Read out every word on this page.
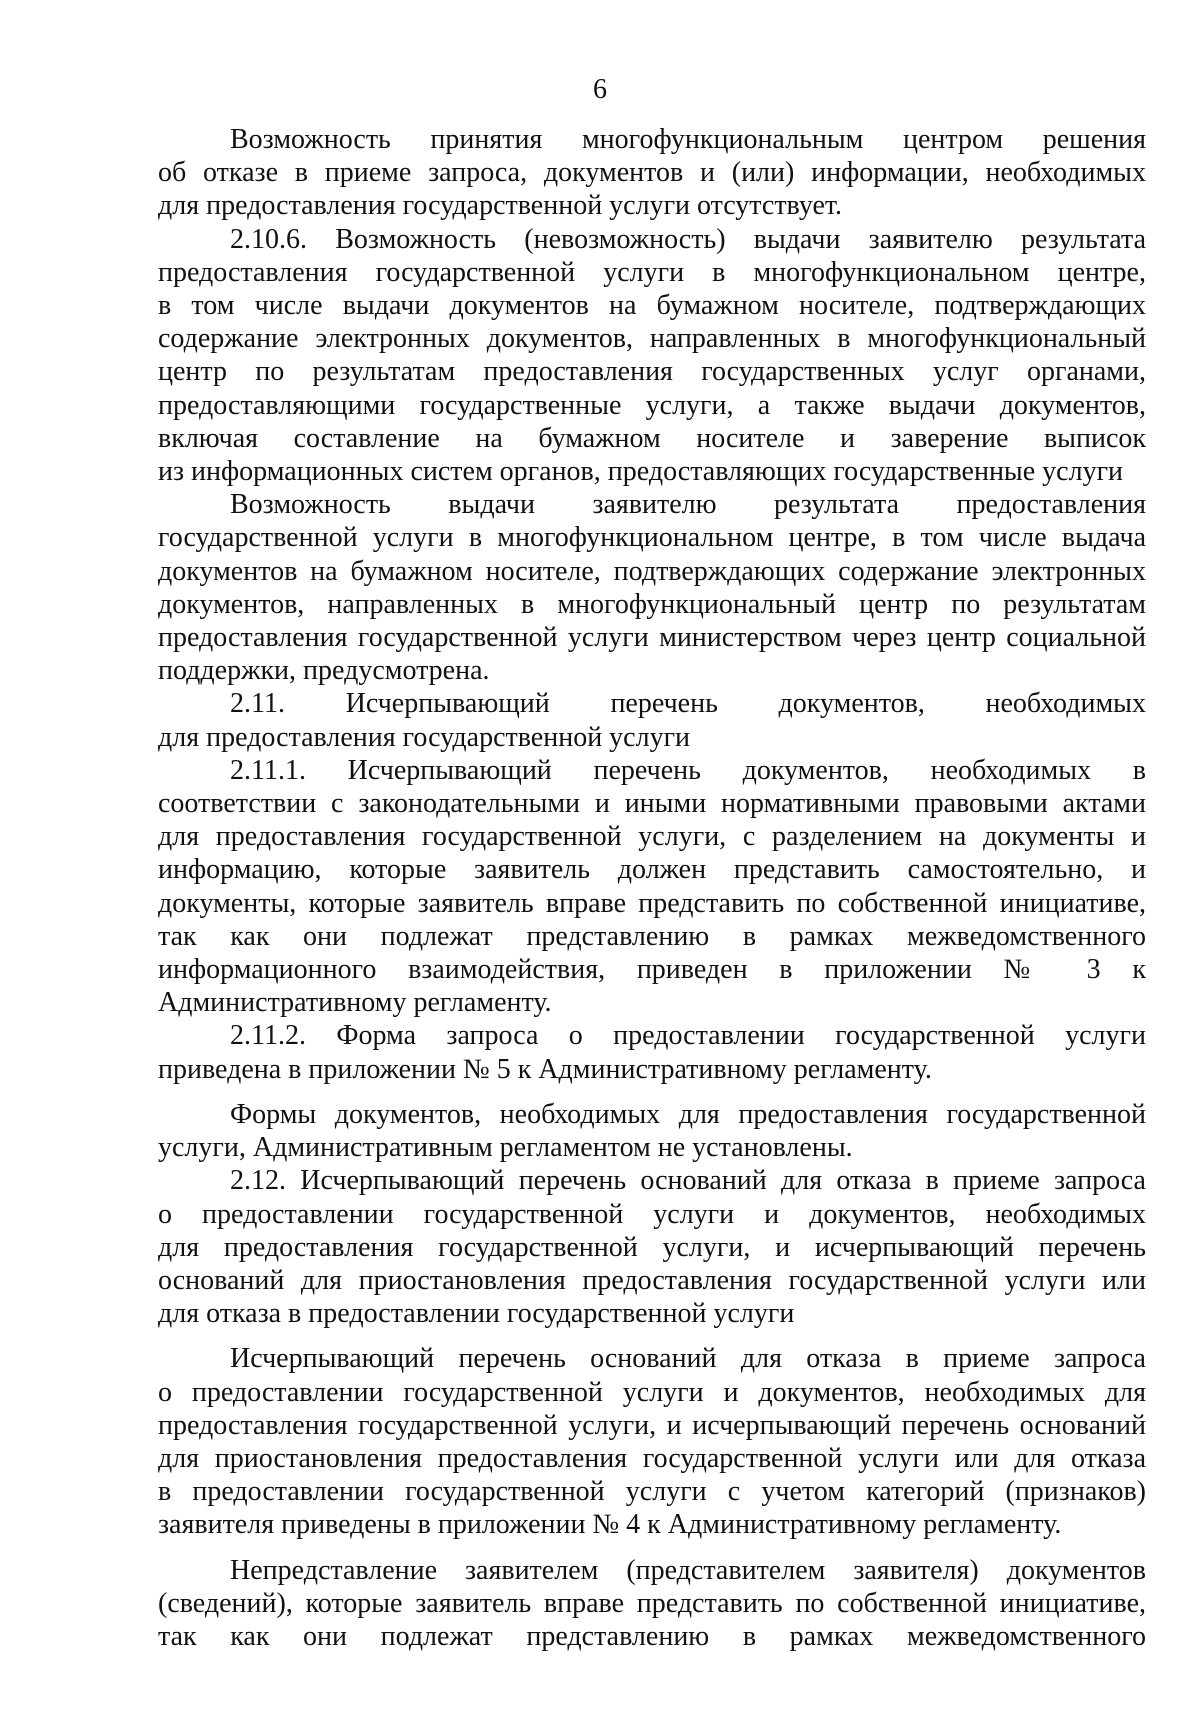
6
Возможность принятия многофункциональным центром решения
об отказе в приеме запроса, документов и (или) информации, необходимых
для предоставления государственной услуги отсутствует.
2.10.6. Возможность (невозможность) выдачи заявителю результата
предоставления государственной услуги в многофункциональном центре,
в том числе выдачи документов на бумажном носителе, подтверждающих
содержание электронных документов, направленных в многофункциональный
центр по результатам предоставления государственных услуг органами,
предоставляющими государственные услуги, а также выдачи документов,
включая составление на бумажном носителе и заверение выписок
из информационных систем органов, предоставляющих государственные услуги
Возможность выдачи заявителю результата предоставления
государственной услуги в многофункциональном центре, в том числе выдача
документов на бумажном носителе, подтверждающих содержание электронных
документов, направленных в многофункциональный центр по результатам
предоставления государственной услуги министерством через центр социальной
поддержки, предусмотрена.
2.11. Исчерпывающий перечень документов, необходимых
для предоставления государственной услуги
2.11.1. Исчерпывающий перечень документов, необходимых в
соответствии с законодательными и иными нормативными правовыми актами
для предоставления государственной услуги, с разделением на документы и
информацию, которые заявитель должен представить самостоятельно, и
документы, которые заявитель вправе представить по собственной инициативе,
так как они подлежат представлению в рамках межведомственного
информационного взаимодействия, приведен в приложении № 3 к
Административному регламенту.
2.11.2. Форма запроса о предоставлении государственной услуги
приведена в приложении № 5 к Административному регламенту.
Формы документов, необходимых для предоставления государственной
услуги, Административным регламентом не установлены.
2.12. Исчерпывающий перечень оснований для отказа в приеме запроса
о предоставлении государственной услуги и документов, необходимых
для предоставления государственной услуги, и исчерпывающий перечень
оснований для приостановления предоставления государственной услуги или
для отказа в предоставлении государственной услуги
Исчерпывающий перечень оснований для отказа в приеме запроса
о предоставлении государственной услуги и документов, необходимых для
предоставления государственной услуги, и исчерпывающий перечень оснований
для приостановления предоставления государственной услуги или для отказа
в предоставлении государственной услуги с учетом категорий (признаков)
заявителя приведены в приложении № 4 к Административному регламенту.
Непредставление заявителем (представителем заявителя) документов
(сведений), которые заявитель вправе представить по собственной инициативе,
так как они подлежат представлению в рамках межведомственного
